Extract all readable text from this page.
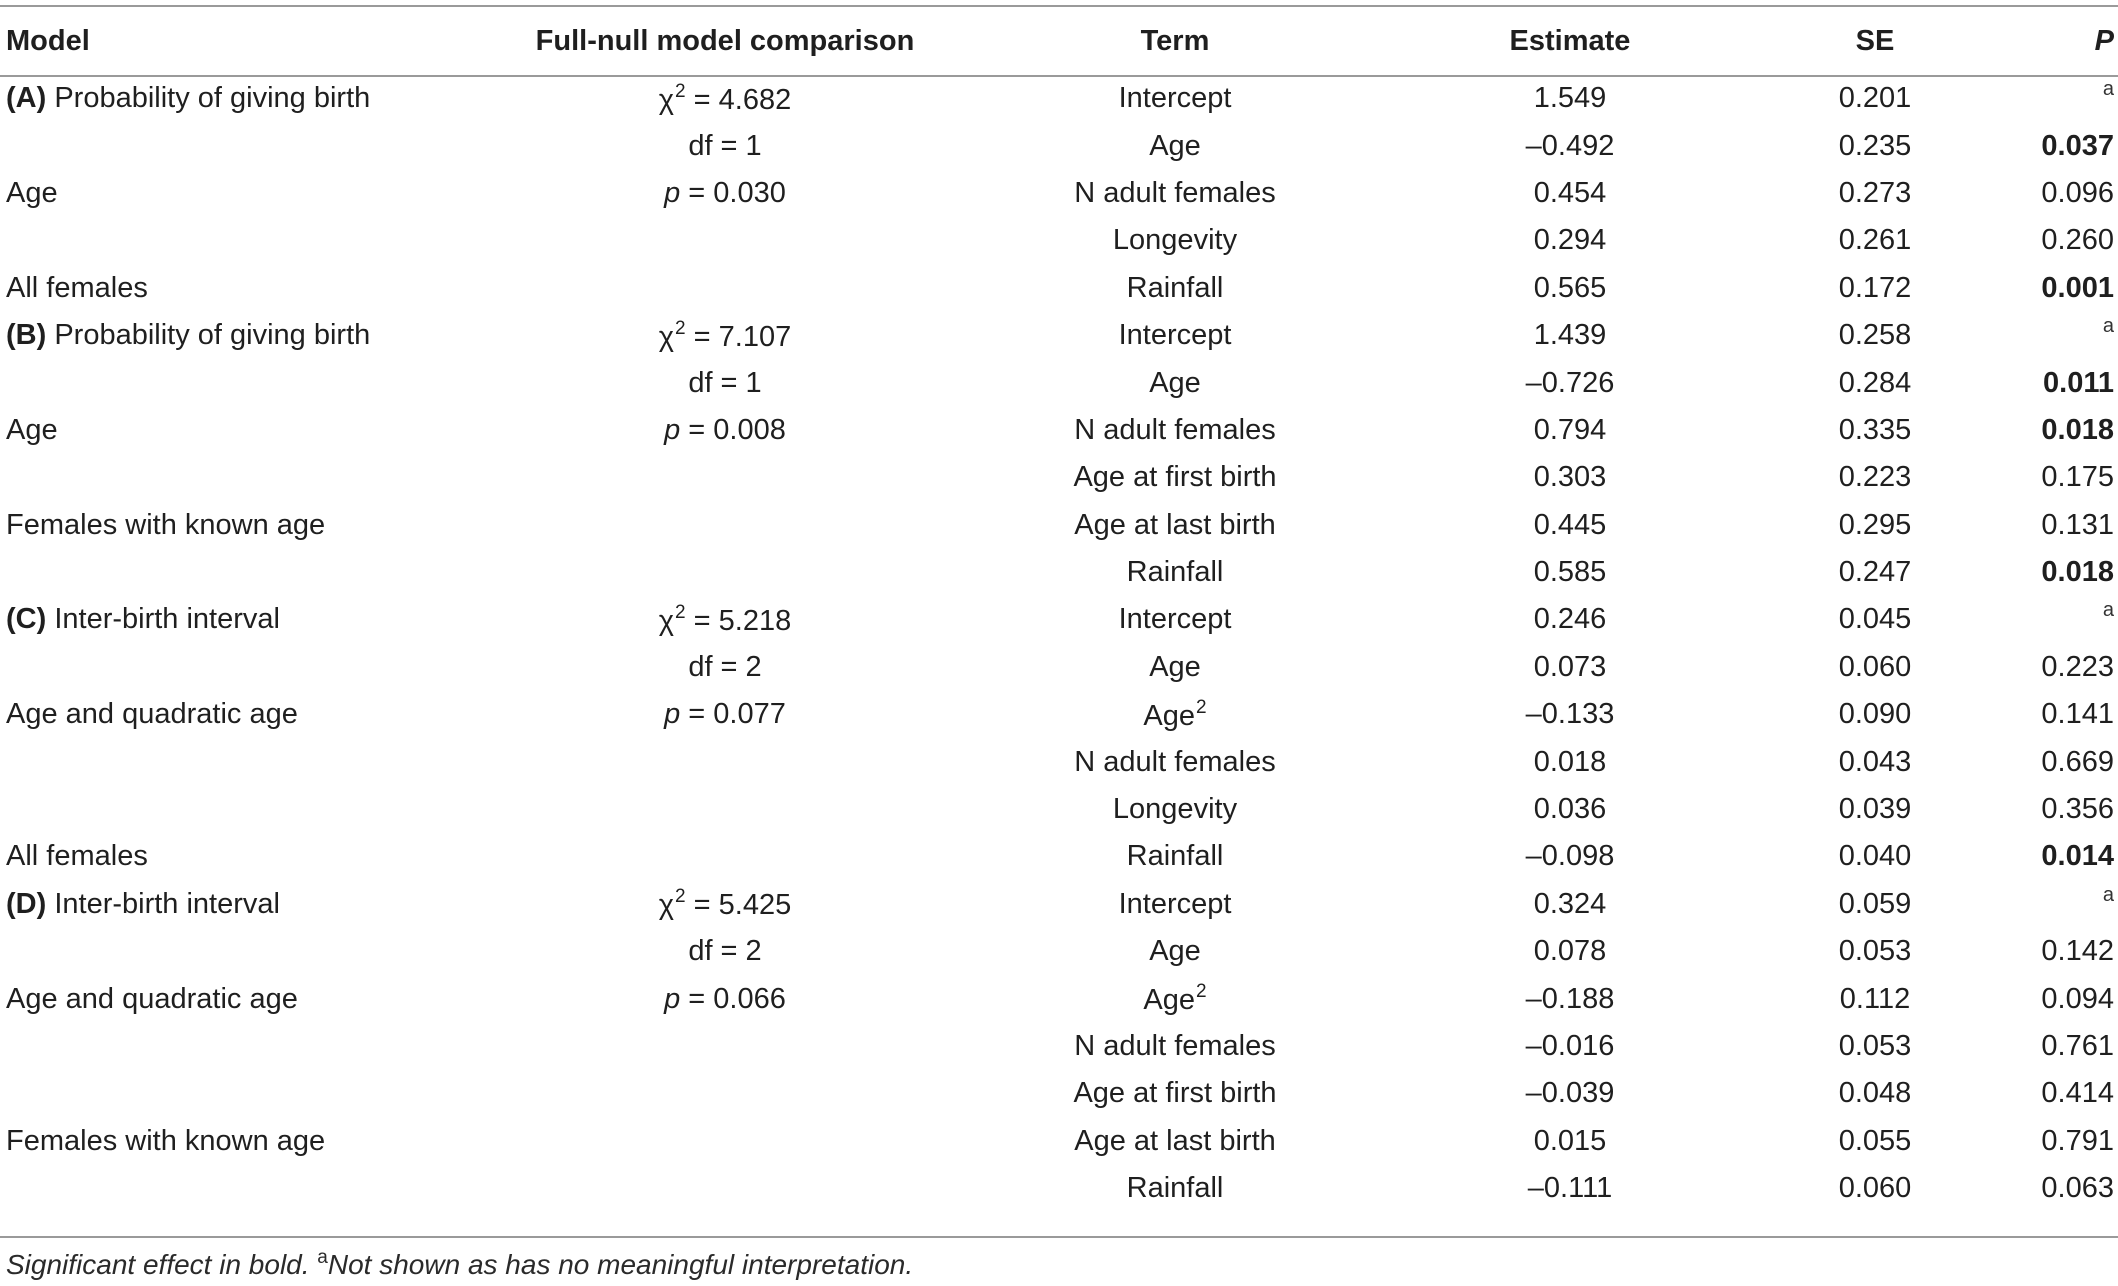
Model	Full-null model comparison	Term	Estimate	SE	P
(A) Probability of giving birth	$\chi^2 = 4.682$	Intercept	1.549	0.201	$^a$
	df = 1	Age	–0.492	0.235	0.037
Age	p = 0.030	N adult females	0.454	0.273	0.096
		Longevity	0.294	0.261	0.260
All females		Rainfall	0.565	0.172	0.001
(B) Probability of giving birth	$\chi^2 = 7.107$	Intercept	1.439	0.258	$^a$
	df = 1	Age	–0.726	0.284	0.011
Age	p = 0.008	N adult females	0.794	0.335	0.018
		Age at first birth	0.303	0.223	0.175
Females with known age		Age at last birth	0.445	0.295	0.131
		Rainfall	0.585	0.247	0.018
(C) Inter-birth interval	$\chi^2 = 5.218$	Intercept	0.246	0.045	$^a$
	df = 2	Age	0.073	0.060	0.223
Age and quadratic age	p = 0.077	Age$^2$	–0.133	0.090	0.141
		N adult females	0.018	0.043	0.669
		Longevity	0.036	0.039	0.356
All females		Rainfall	–0.098	0.040	0.014
(D) Inter-birth interval	$\chi^2 = 5.425$	Intercept	0.324	0.059	$^a$
	df = 2	Age	0.078	0.053	0.142
Age and quadratic age	p = 0.066	Age$^2$	–0.188	0.112	0.094
		N adult females	–0.016	0.053	0.761
		Age at first birth	–0.039	0.048	0.414
Females with known age		Age at last birth	0.015	0.055	0.791
		Rainfall	–0.111	0.060	0.063
Significant effect in bold. $^a$Not shown as has no meaningful interpretation.
